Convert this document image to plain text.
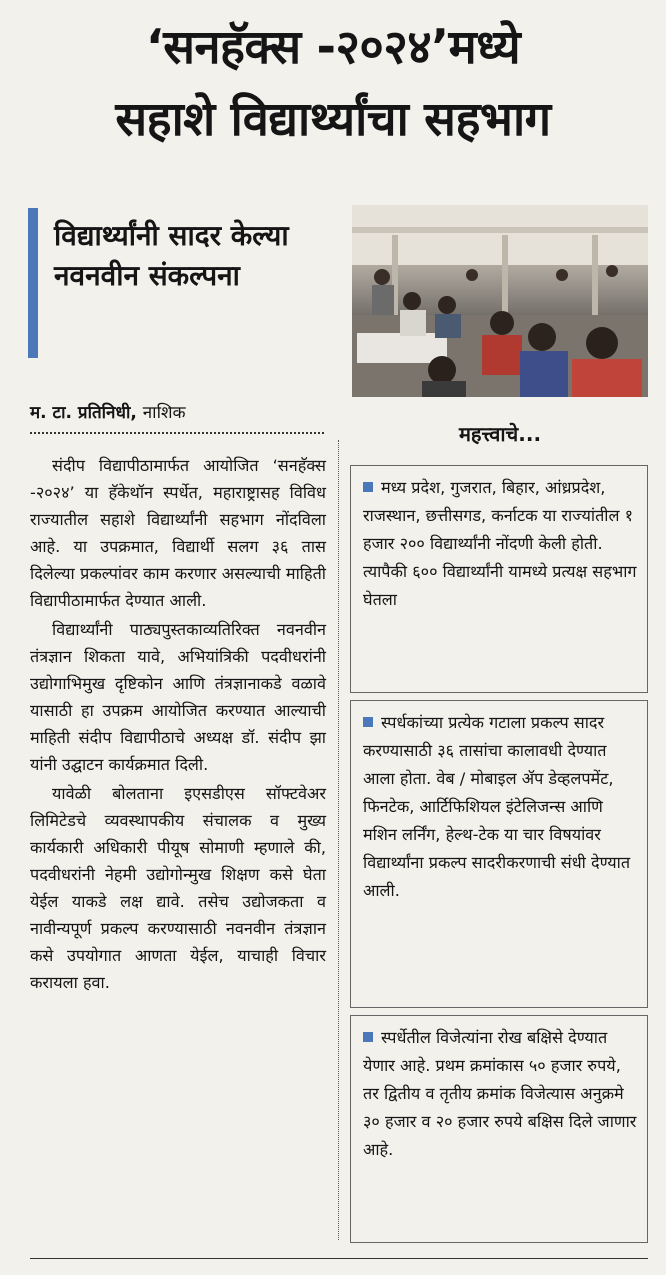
‘सनहॅक्स -२०२४’मध्ये
सहाशे विद्यार्थ्यांचा सहभाग
विद्यार्थ्यांनी सादर केल्या नवनवीन संकल्पना
म. टा. प्रतिनिधी, नाशिक

संदीप विद्यापीठामार्फत आयोजित ‘सनहॅक्स -२०२४’ या हॅकेथॉन स्पर्धेत, महाराष्ट्रासह विविध राज्यातील सहाशे विद्यार्थ्यांनी सहभाग नोंदविला आहे. या उपक्रमात, विद्यार्थी सलग ३६ तास दिलेल्या प्रकल्पांवर काम करणार असल्याची माहिती विद्यापीठामार्फत देण्यात आली.

विद्यार्थ्यांनी पाठ्यपुस्तकाव्यतिरिक्त नवनवीन तंत्रज्ञान शिकता यावे, अभियांत्रिकी पदवीधरांनी उद्योगाभिमुख दृष्टिकोन आणि तंत्रज्ञानाकडे वळावे यासाठी हा उपक्रम आयोजित करण्यात आल्याची माहिती संदीप विद्यापीठाचे अध्यक्ष डॉ. संदीप झा यांनी उद्घाटन कार्यक्रमात दिली.

यावेळी बोलताना इएसडीएस सॉफ्टवेअर लिमिटेडचे व्यवस्थापकीय संचालक व मुख्य कार्यकारी अधिकारी पीयूष सोमाणी म्हणाले की, पदवीधरांनी नेहमी उद्योगोन्मुख शिक्षण कसे घेता येईल याकडे लक्ष द्यावे. तसेच उद्योजकता व नावीन्यपूर्ण प्रकल्प करण्यासाठी नवनवीन तंत्रज्ञान कसे उपयोगात आणता येईल, याचाही विचार करायला हवा.

महत्त्वाचे...
मध्य प्रदेश, गुजरात, बिहार, आंध्रप्रदेश, राजस्थान, छत्तीसगड, कर्नाटक या राज्यांतील १ हजार २०० विद्यार्थ्यांनी नोंदणी केली होती. त्यापैकी ६०० विद्यार्थ्यांनी यामध्ये प्रत्यक्ष सहभाग घेतला
स्पर्धकांच्या प्रत्येक गटाला प्रकल्प सादर करण्यासाठी ३६ तासांचा कालावधी देण्यात आला होता. वेब / मोबाइल ॲप डेव्हलपमेंट, फिनटेक, आर्टिफिशियल इंटेलिजन्स आणि मशिन लर्निंग, हेल्थ-टेक या चार विषयांवर विद्यार्थ्यांना प्रकल्प सादरीकरणाची संधी देण्यात आली.
स्पर्धेतील विजेत्यांना रोख बक्षिसे देण्यात येणार आहे. प्रथम क्रमांकास ५० हजार रुपये, तर द्वितीय व तृतीय क्रमांक विजेत्यास अनुक्रमे ३० हजार व २० हजार रुपये बक्षिस दिले जाणार आहे.
